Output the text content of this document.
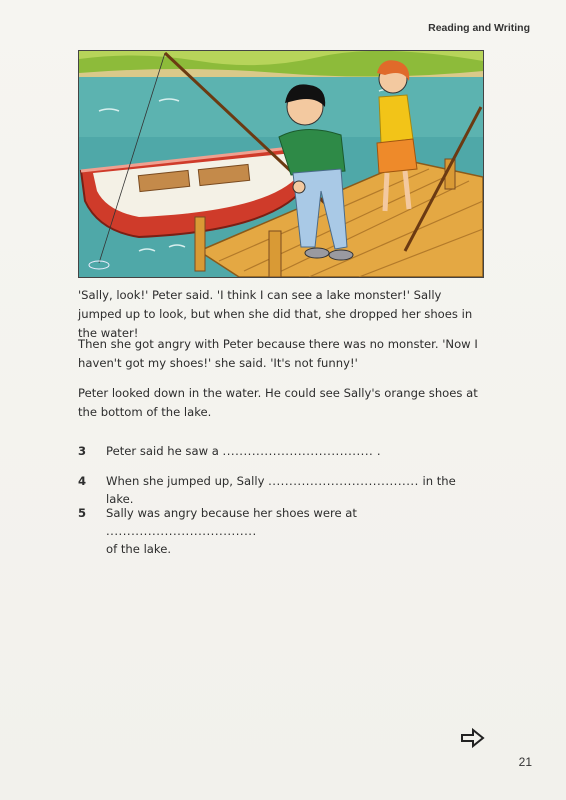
Reading and Writing
'Sally, look!' Peter said. 'I think I can see a lake monster!' Sally jumped up to look, but when she did that, she dropped her shoes in the water!
Then she got angry with Peter because there was no monster. 'Now I haven't got my shoes!' she said. 'It's not funny!'
Peter looked down in the water. He could see Sally's orange shoes at the bottom of the lake.
3	Peter said he saw a .................................... .
4	When she jumped up, Sally .................................... in the lake.
5	Sally was angry because her shoes were at ....................................
of the lake.
21
